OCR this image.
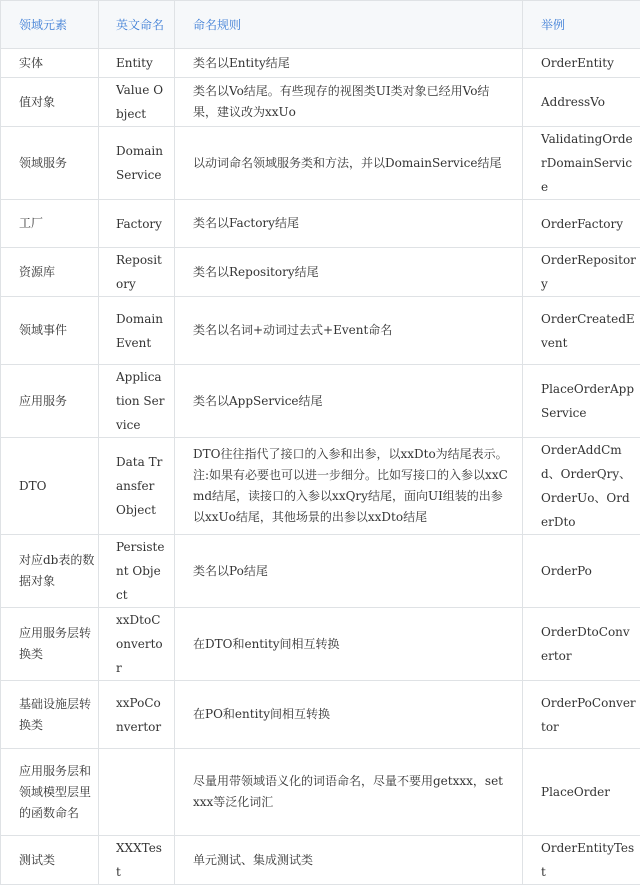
领域元素	英文命名	命名规则	举例
实体	Entity	类名以Entity结尾	OrderEntity
值对象	Value Object	类名以Vo结尾。有些现存的视图类UI类对象已经用Vo结果，建议改为xxUo	AddressVo
领域服务	Domain Service	以动词命名领域服务类和方法，并以DomainService结尾	ValidatingOrderDomainService
工厂	Factory	类名以Factory结尾	OrderFactory
资源库	Repository	类名以Repository结尾	OrderRepository
领域事件	Domain Event	类名以名词+动词过去式+Event命名	OrderCreatedEvent
应用服务	Application Service	类名以AppService结尾	PlaceOrderAppService
DTO	Data Transfer Object	DTO往往指代了接口的入参和出参，以xxDto为结尾表示。注:如果有必要也可以进一步细分。比如写接口的入参以xxCmd结尾，读接口的入参以xxQry结尾，面向UI组装的出参以xxUo结尾，其他场景的出参以xxDto结尾	OrderAddCmd、OrderQry、OrderUo、OrderDto
对应db表的数据对象	Persistent Object	类名以Po结尾	OrderPo
应用服务层转换类	xxDtoConvertor	在DTO和entity间相互转换	OrderDtoConvertor
基础设施层转换类	xxPoConvertor	在PO和entity间相互转换	OrderPoConvertor
应用服务层和领域模型层里的函数命名		尽量用带领域语义化的词语命名，尽量不要用getxxx，setxxx等泛化词汇	PlaceOrder
测试类	XXXTest	单元测试、集成测试类	OrderEntityTest
